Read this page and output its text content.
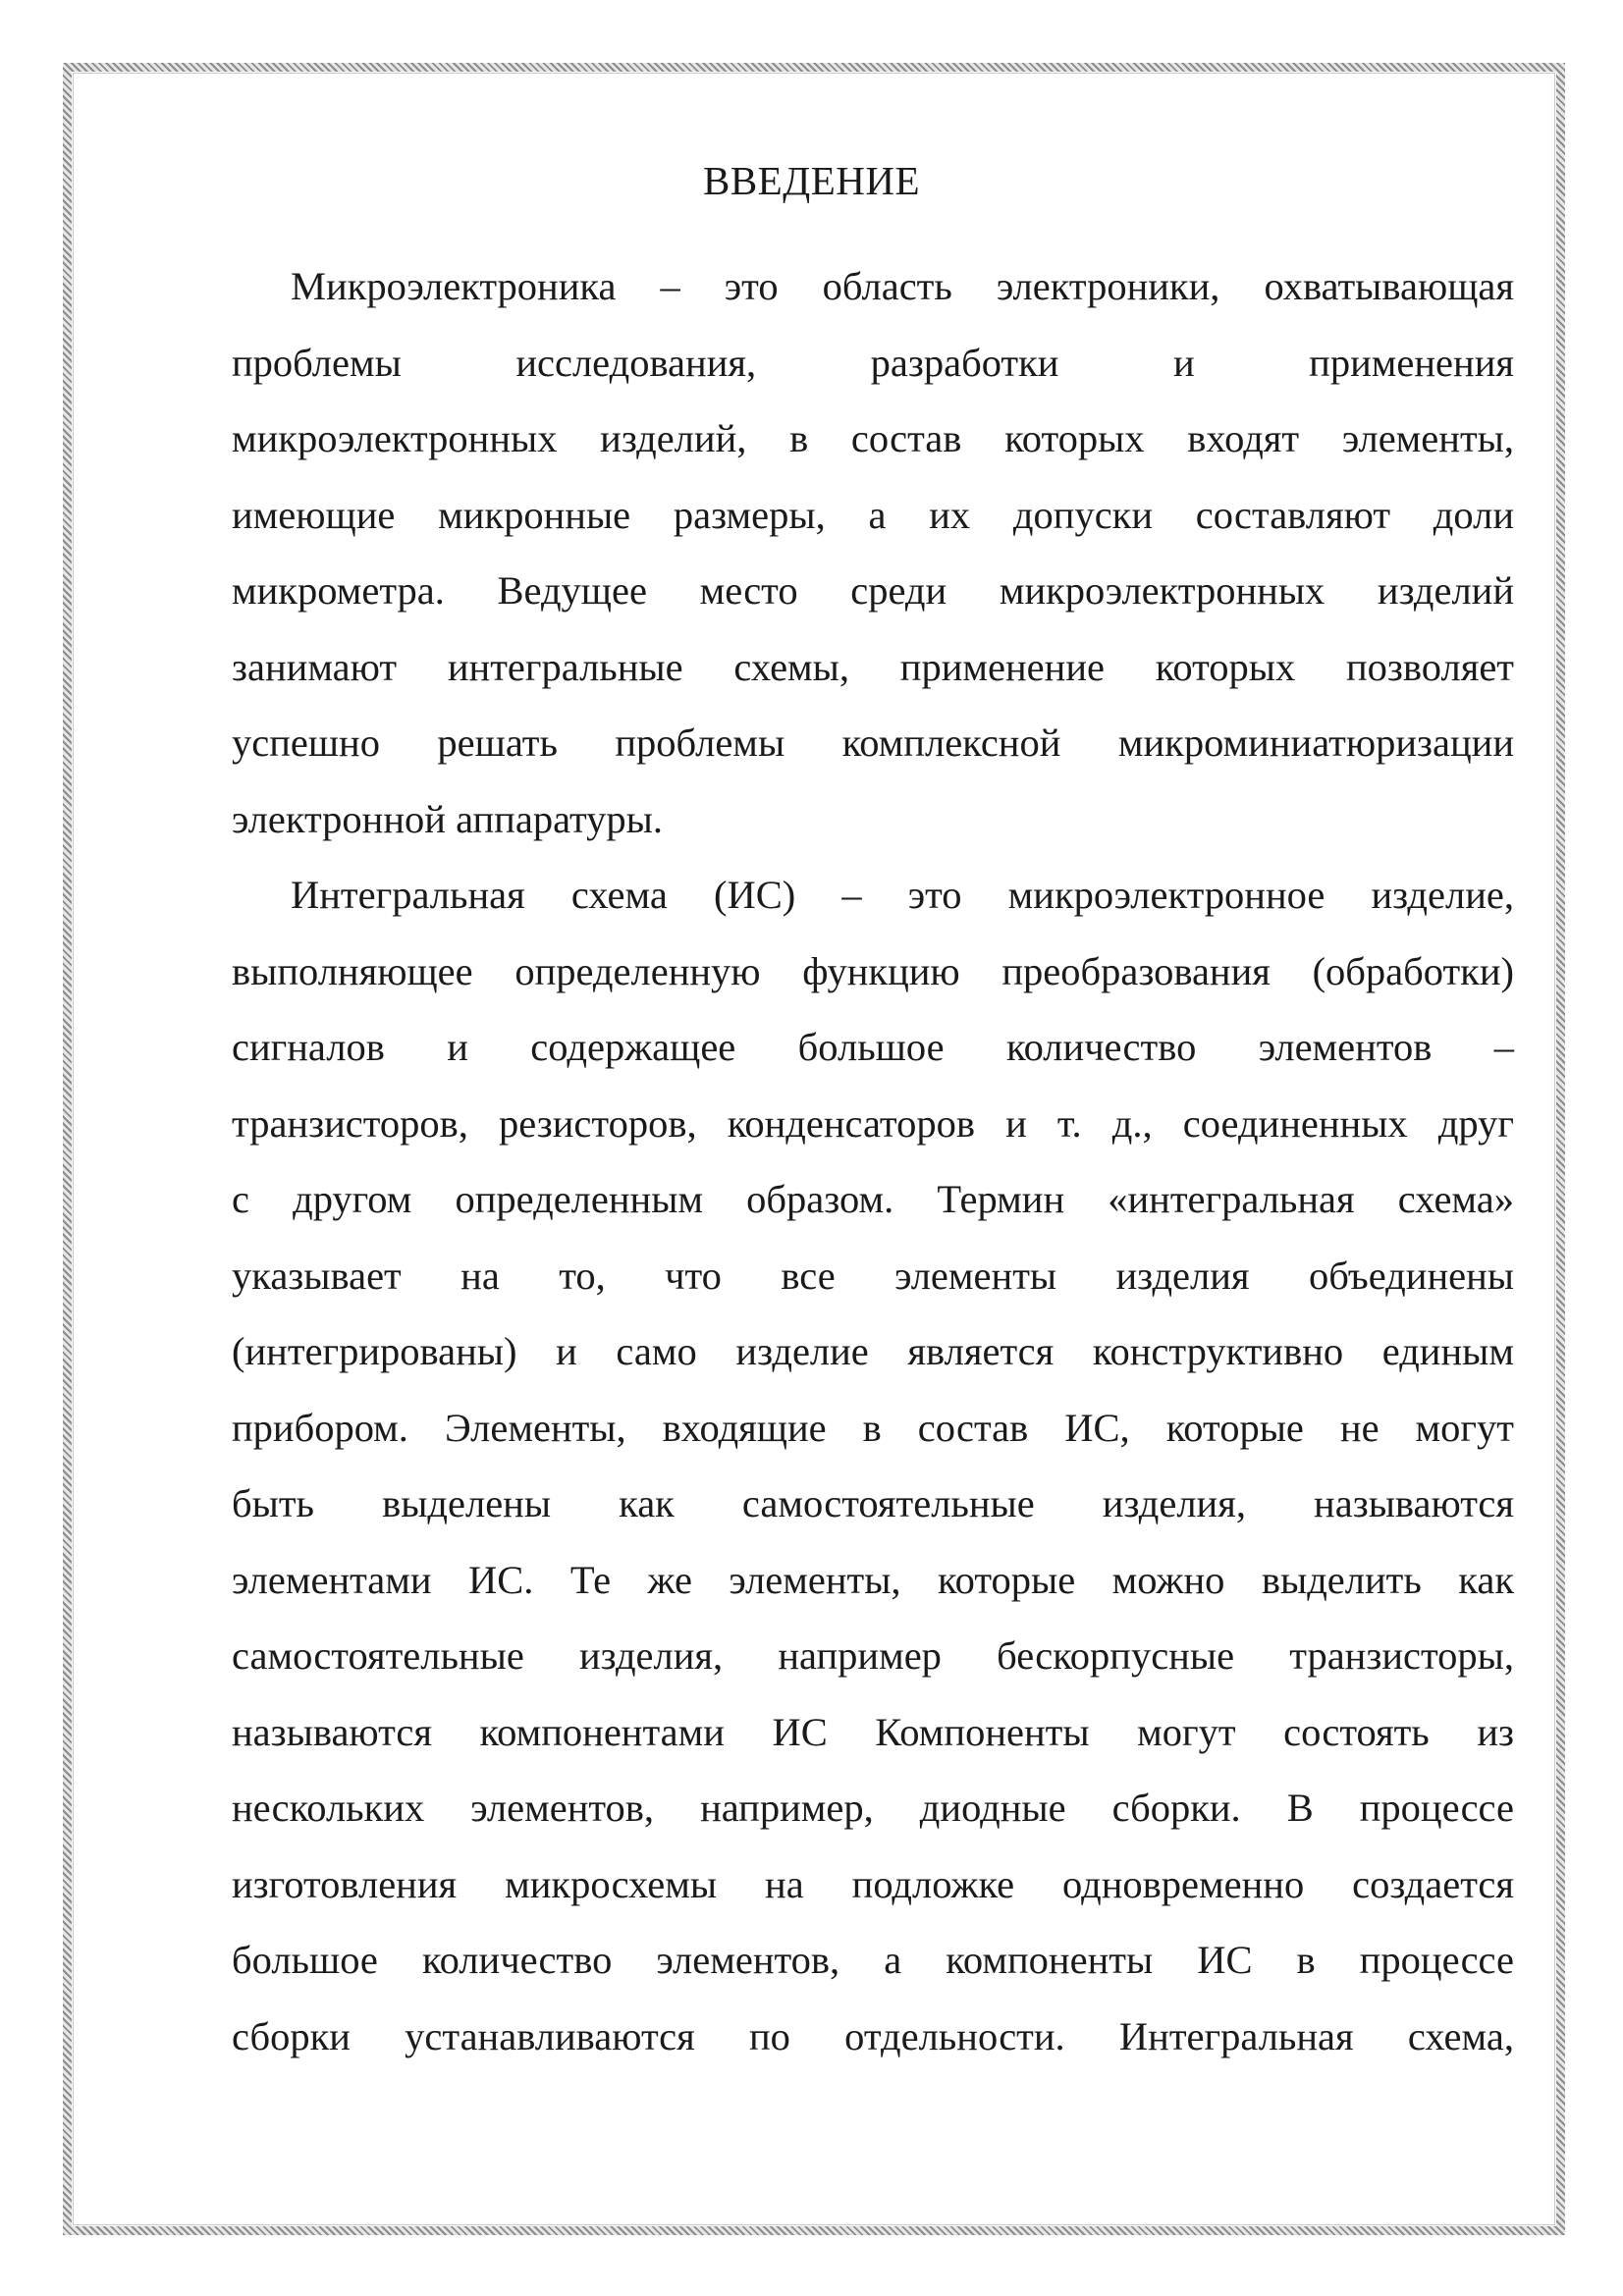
ВВЕДЕНИЕ
Микроэлектроника – это область электроники, охватывающая
проблемы исследования, разработки и применения
микроэлектронных изделий, в состав которых входят элементы,
имеющие микронные размеры, а их допуски составляют доли
микрометра. Ведущее место среди микроэлектронных изделий
занимают интегральные схемы, применение которых позволяет
успешно решать проблемы комплексной микроминиатюризации
электронной аппаратуры.
Интегральная схема (ИС) – это микроэлектронное изделие,
выполняющее определенную функцию преобразования (обработки)
сигналов и содержащее большое количество элементов –
транзисторов, резисторов, конденсаторов и т. д., соединенных друг
с другом определенным образом. Термин «интегральная схема»
указывает на то, что все элементы изделия объединены
(интегрированы) и само изделие является конструктивно единым
прибором. Элементы, входящие в состав ИС, которые не могут
быть выделены как самостоятельные изделия, называются
элементами ИС. Те же элементы, которые можно выделить как
самостоятельные изделия, например бескорпусные транзисторы,
называются компонентами ИС Компоненты могут состоять из
нескольких элементов, например, диодные сборки. В процессе
изготовления микросхемы на подложке одновременно создается
большое количество элементов, а компоненты ИС в процессе
сборки устанавливаются по отдельности. Интегральная схема,
